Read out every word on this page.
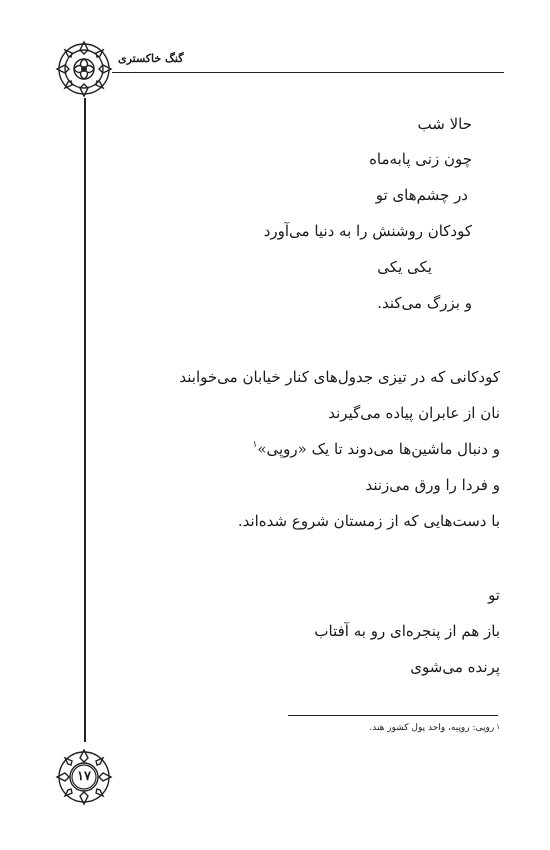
گنگ خاکستری
حالا شب
چون زنی پابه‌ماه
در چشم‌های تو
کودکان روشنش را به دنیا می‌آورد
یکی یکی
و بزرگ می‌کند.
کودکانی که در تیزی جدول‌های کنار خیابان می‌خوابند
نان از عابران پیاده می‌گیرند
و دنبال ماشین‌ها می‌دوند تا یک «روپی»$^۱$
و فردا را ورق می‌زنند
با دست‌هایی که از زمستان شروع شده‌اند.
تو
باز هم از پنجره‌ای رو به آفتاب
پرنده می‌شوی
$^۱$روپی: روپیه، واحد پول کشور هند.
۱۷
